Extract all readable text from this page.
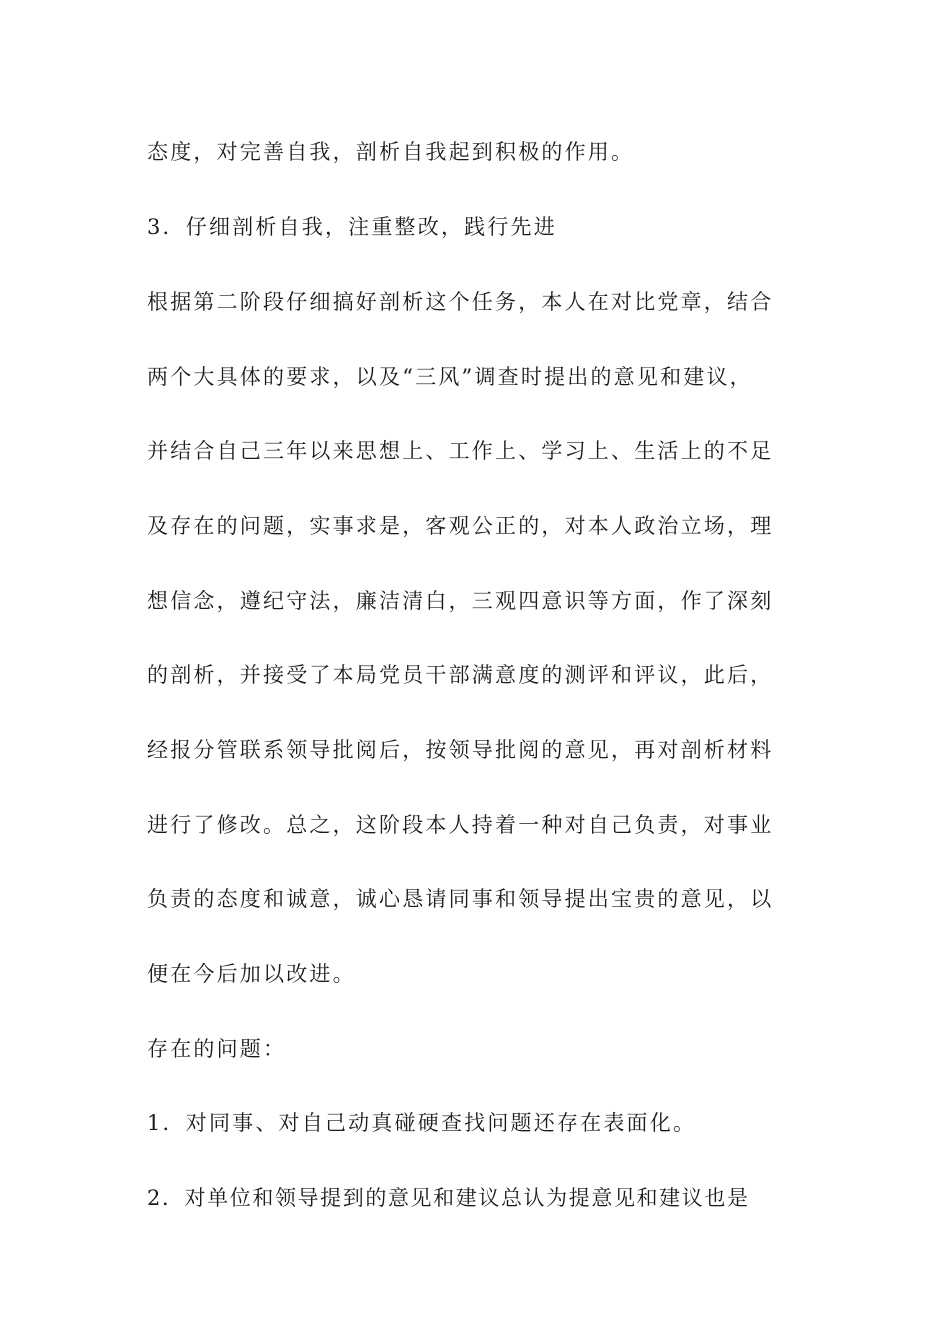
态度，对完善自我，剖析自我起到积极的作用。
3．仔细剖析自我，注重整改，践行先进
根据第二阶段仔细搞好剖析这个任务，本人在对比党章，结合
两个大具体的要求，以及“三风”调查时提出的意见和建议，
并结合自己三年以来思想上、工作上、学习上、生活上的不足
及存在的问题，实事求是，客观公正的，对本人政治立场，理
想信念，遵纪守法，廉洁清白，三观四意识等方面，作了深刻
的剖析，并接受了本局党员干部满意度的测评和评议，此后，
经报分管联系领导批阅后，按领导批阅的意见，再对剖析材料
进行了修改。总之，这阶段本人持着一种对自己负责，对事业
负责的态度和诚意，诚心恳请同事和领导提出宝贵的意见，以
便在今后加以改进。
存在的问题：
1．对同事、对自己动真碰硬查找问题还存在表面化。
2．对单位和领导提到的意见和建议总认为提意见和建议也是
